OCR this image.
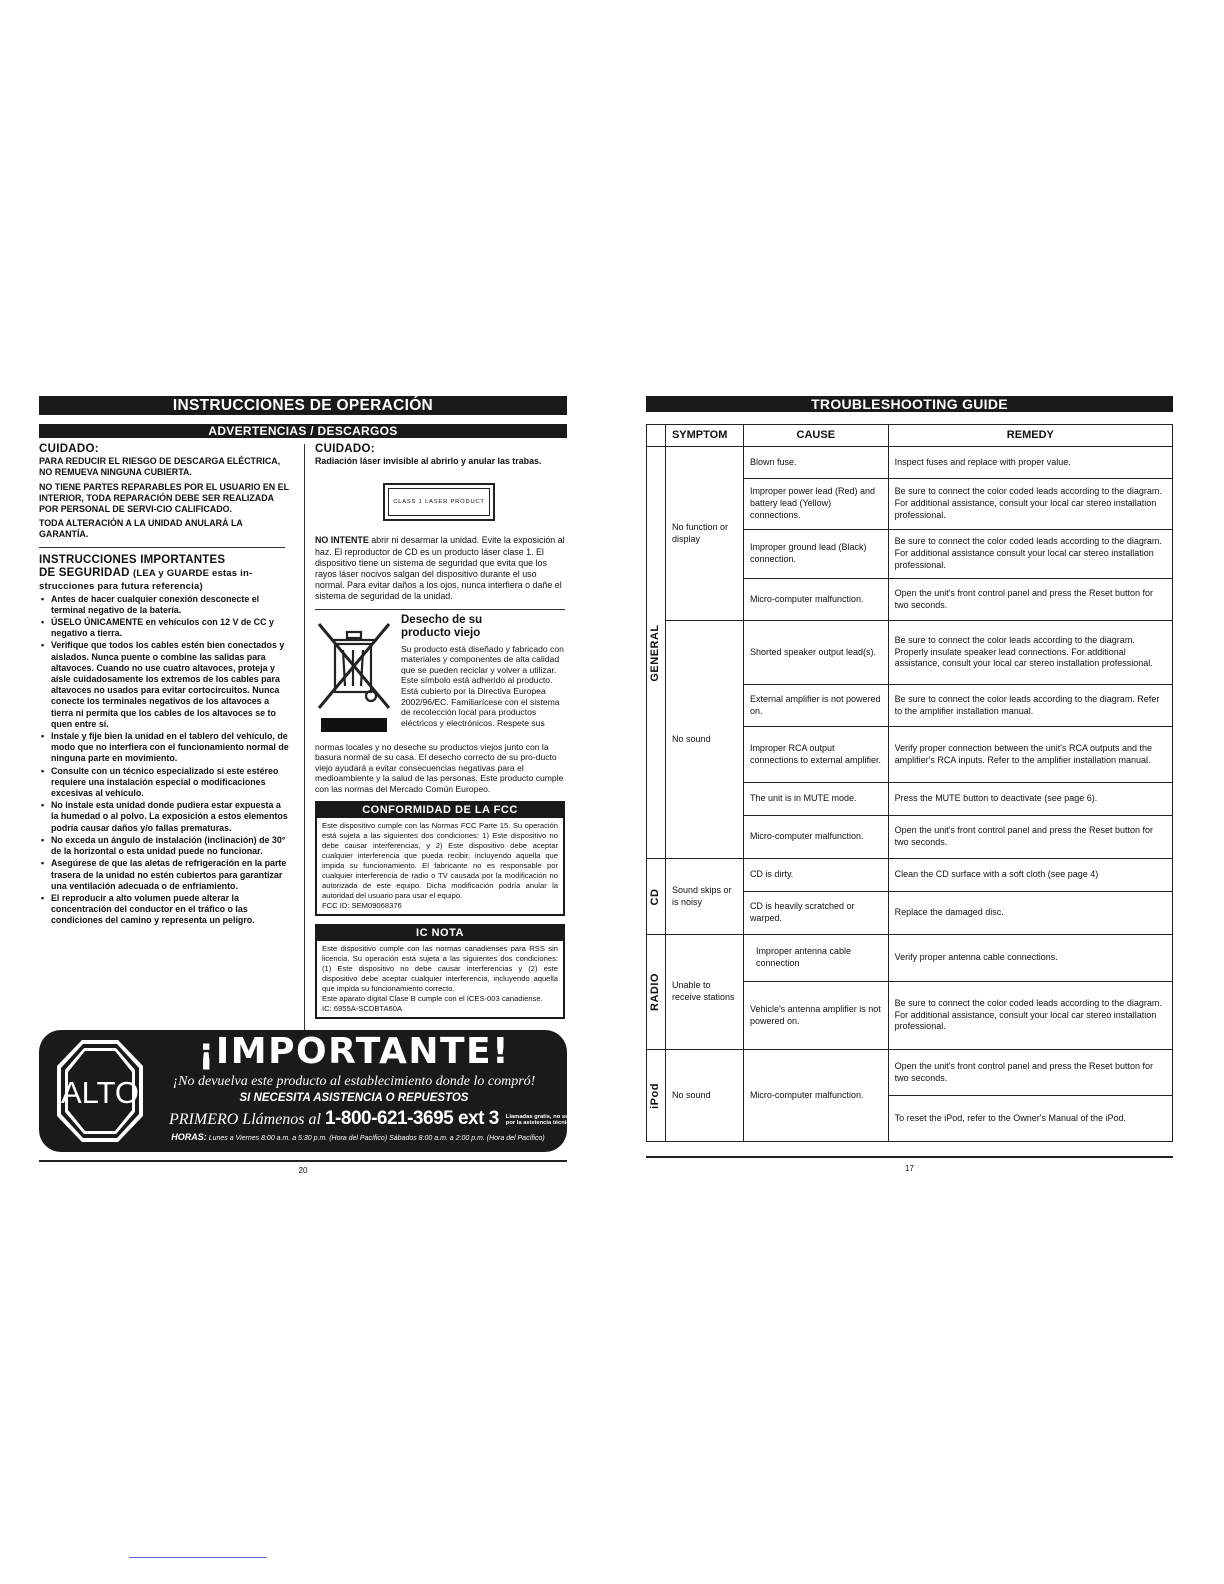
INSTRUCCIONES DE OPERACIÓN
ADVERTENCIAS / DESCARGOS
CUIDADO:
PARA REDUCIR EL RIESGO DE DESCARGA ELÉCTRICA, NO REMUEVA NINGUNA CUBIERTA.
NO TIENE PARTES REPARABLES POR EL USUARIO EN EL INTERIOR, TODA REPARACIÓN DEBE SER REALIZADA POR PERSONAL DE SERVI-CIO CALIFICADO.
TODA ALTERACIÓN A LA UNIDAD ANULARÁ LA GARANTÍA.
INSTRUCCIONES IMPORTANTES
DE SEGURIDAD (LEA y GUARDE estas in-strucciones para futura referencia)
• Antes de hacer cualquier conexión desconecte el terminal negativo de la batería.
• ÚSELO ÚNICAMENTE en vehículos con 12 V de CC y negativo a tierra.
• Verifique que todos los cables estén bien conectados y aislados. Nunca puente o combine las salidas para altavoces. Cuando no use cuatro altavoces, proteja y aísle cuidadosamente los extremos de los cables para altavoces no usados para evitar cortocircuitos. Nunca conecte los terminales negativos de los altavoces a tierra ni permita que los cables de los altavoces se to quen entre sí.
• Instale y fije bien la unidad en el tablero del vehículo, de modo que no interfiera con el funcionamiento normal de ninguna parte en movimiento.
• Consulte con un técnico especializado si este estéreo requiere una instalación especial o modificaciones excesivas al vehículo.
• No instale esta unidad donde pudiera estar expuesta a la humedad o al polvo. La exposición a estos elementos podría causar daños y/o fallas prematuras.
• No exceda un ángulo de instalación (inclinación) de 30° de la horizontal o esta unidad puede no funcionar.
• Asegúrese de que las aletas de refrigeración en la parte trasera de la unidad no estén cubiertos para garantizar una ventilación adecuada o de enfriamiento.
• El reproducir a alto volumen puede alterar la concentración del conductor en el tráfico o las condiciones del camino y representa un peligro.
CUIDADO:
Radiación láser invisible al abrirlo y anular las trabas.
CLASS 1 LASER PRODUCT
NO INTENTE abrir ni desarmar la unidad. Evite la exposición al haz. El reproductor de CD es un producto láser clase 1. El dispositivo tiene un sistema de seguridad que evita que los rayos láser nocivos salgan del dispositivo durante el uso normal. Para evitar daños a los ojos, nunca interfiera o dañe el sistema de seguridad de la unidad.
Desecho de su
producto viejo
Su producto está diseñado y fabricado con materiales y componentes de alta calidad que se pueden reciclar y volver a utilizar. Este símbolo está adherido al producto. Está cubierto por la Directiva Europea 2002/96/EC. Familiarícese con el sistema de recolección local para productos eléctricos y electrónicos. Respete sus
normas locales y no deseche su productos viejos junto con la basura normal de su casa. El desecho correcto de su pro-ducto viejo ayudará a evitar consecuencias negativas para el medioambiente y la salud de las personas. Este producto cumple con las normas del Mercado Común Europeo.
CONFORMIDAD DE LA FCC
Este dispositivo cumple con las Normas FCC Parte 15. Su operación está sujeta a las siguientes dos condiciones: 1) Este dispositivo no debe causar interferencias, y 2) Este dispositivo debe aceptar cualquier interferencia que pueda recibir, incluyendo aquella que impida su funcionamiento. El fabricante no es responsable por cualquier interferencia de radio o TV causada por la modificación no autorizada de este equipo. Dicha modificación podría anular la autoridad del usuario para usar el equipo.
FCC ID: SEM09068376
IC NOTA
Este dispositivo cumple con las normas canadienses para RSS sin licencia. Su operación está sujeta a las siguientes dos condiciones: (1) Este dispositivo no debe causar interferencias y (2) este dispositivo debe aceptar cualquier interferencia, incluyendo aquella que impida su funcionamiento correcto.
Este aparato digital Clase B cumple con el ICES-003 canadiense.
IC: 6955A-SCDBTA60A
ALTO
¡IMPORTANTE!
¡No devuelva este producto al establecimiento donde lo compró!
SI NECESITA ASISTENCIA O REPUESTOS
PRIMERO Llámenos al 1-800-621-3695 ext 3 Llamadas gratis, no se cobra
por la asistencia técnica
HORAS: Lunes a Viernes 8:00 a.m. a 5:30 p.m. (Hora del Pacífico) Sábados 8:00 a.m. a 2:00 p.m. (Hora del Pacífico)
20
TROUBLESHOOTING GUIDE
	SYMPTOM	CAUSE	REMEDY

GENERAL	No function or display	Blown fuse.	Inspect fuses and replace with proper value.
		Improper power lead (Red) and battery lead (Yellow) connections.	Be sure to connect the color coded leads according to the diagram. For additional assistance, consult your local car stereo installation professional.
		Improper ground lead (Black) connection.	Be sure to connect the color coded leads according to the diagram. For additional assistance consult your local car stereo installation professional.
		Micro-computer malfunction.	Open the unit's front control panel and press the Reset button for two seconds.
	No sound	Shorted speaker output lead(s).	Be sure to connect the color leads according to the diagram. Properly insulate speaker lead connections. For additional assistance, consult your local car stereo installation professional.
		External amplifier is not powered on.	Be sure to connect the color leads according to the diagram. Refer to the amplifier installation manual.
		Improper RCA output connections to external amplifier.	Verify proper connection between the unit's RCA outputs and the amplifier's RCA inputs. Refer to the amplifier installation manual.
		The unit is in MUTE mode.	Press the MUTE button to deactivate (see page 6).
		Micro-computer malfunction.	Open the unit's front control panel and press the Reset button for two seconds.

CD	Sound skips or is noisy	CD is dirty.	Clean the CD surface with a soft cloth (see page 4)
		CD is heavily scratched or warped.	Replace the damaged disc.

RADIO	Unable to receive stations	Improper antenna cable connection	Verify proper antenna cable connections.
		Vehicle's antenna amplifier is not powered on.	Be sure to connect the color coded leads according to the diagram. For additional assistance, consult your local car stereo installation professional.

iPod	No sound	Micro-computer malfunction.	Open the unit's front control panel and press the Reset button for two seconds.
			To reset the iPod, refer to the Owner's Manual of the iPod.
17
